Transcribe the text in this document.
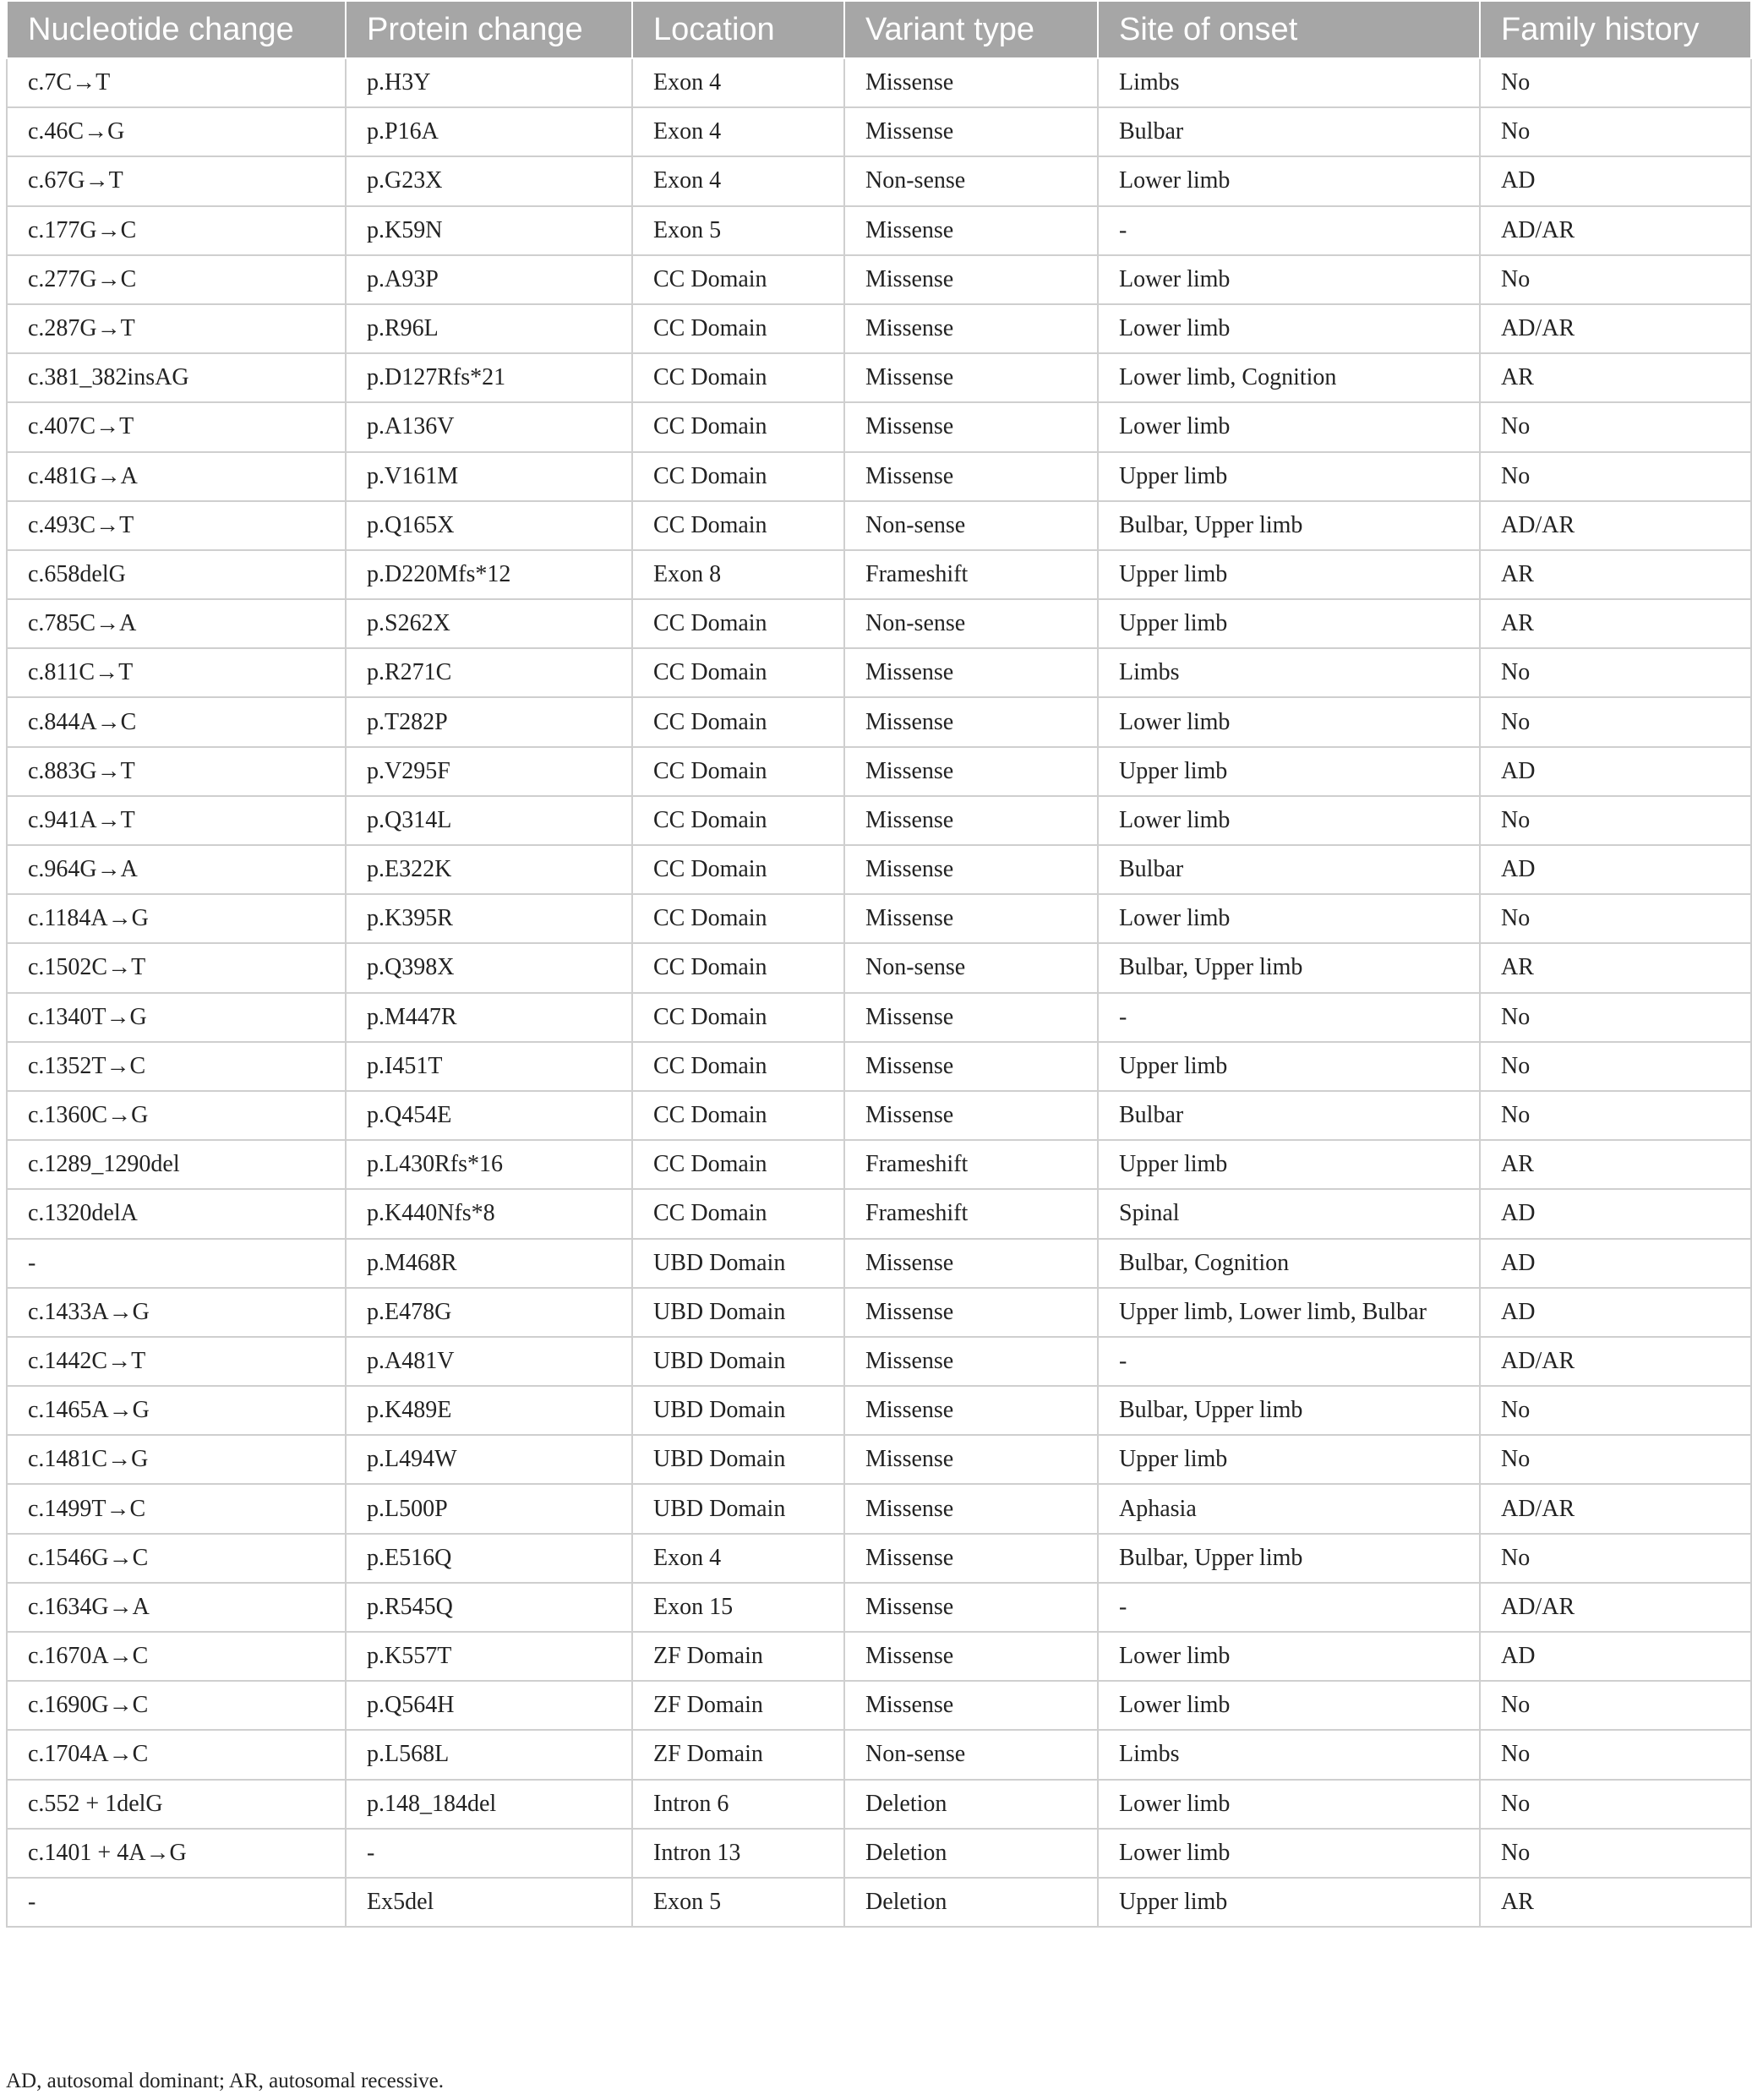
Nucleotide change	Protein change	Location	Variant type	Site of onset	Family history
c.7C→T	p.H3Y	Exon 4	Missense	Limbs	No
c.46C→G	p.P16A	Exon 4	Missense	Bulbar	No
c.67G→T	p.G23X	Exon 4	Non-sense	Lower limb	AD
c.177G→C	p.K59N	Exon 5	Missense	-	AD/AR
c.277G→C	p.A93P	CC Domain	Missense	Lower limb	No
c.287G→T	p.R96L	CC Domain	Missense	Lower limb	AD/AR
c.381_382insAG	p.D127Rfs*21	CC Domain	Missense	Lower limb, Cognition	AR
c.407C→T	p.A136V	CC Domain	Missense	Lower limb	No
c.481G→A	p.V161M	CC Domain	Missense	Upper limb	No
c.493C→T	p.Q165X	CC Domain	Non-sense	Bulbar, Upper limb	AD/AR
c.658delG	p.D220Mfs*12	Exon 8	Frameshift	Upper limb	AR
c.785C→A	p.S262X	CC Domain	Non-sense	Upper limb	AR
c.811C→T	p.R271C	CC Domain	Missense	Limbs	No
c.844A→C	p.T282P	CC Domain	Missense	Lower limb	No
c.883G→T	p.V295F	CC Domain	Missense	Upper limb	AD
c.941A→T	p.Q314L	CC Domain	Missense	Lower limb	No
c.964G→A	p.E322K	CC Domain	Missense	Bulbar	AD
c.1184A→G	p.K395R	CC Domain	Missense	Lower limb	No
c.1502C→T	p.Q398X	CC Domain	Non-sense	Bulbar, Upper limb	AR
c.1340T→G	p.M447R	CC Domain	Missense	-	No
c.1352T→C	p.I451T	CC Domain	Missense	Upper limb	No
c.1360C→G	p.Q454E	CC Domain	Missense	Bulbar	No
c.1289_1290del	p.L430Rfs*16	CC Domain	Frameshift	Upper limb	AR
c.1320delA	p.K440Nfs*8	CC Domain	Frameshift	Spinal	AD
-	p.M468R	UBD Domain	Missense	Bulbar, Cognition	AD
c.1433A→G	p.E478G	UBD Domain	Missense	Upper limb, Lower limb, Bulbar	AD
c.1442C→T	p.A481V	UBD Domain	Missense	-	AD/AR
c.1465A→G	p.K489E	UBD Domain	Missense	Bulbar, Upper limb	No
c.1481C→G	p.L494W	UBD Domain	Missense	Upper limb	No
c.1499T→C	p.L500P	UBD Domain	Missense	Aphasia	AD/AR
c.1546G→C	p.E516Q	Exon 4	Missense	Bulbar, Upper limb	No
c.1634G→A	p.R545Q	Exon 15	Missense	-	AD/AR
c.1670A→C	p.K557T	ZF Domain	Missense	Lower limb	AD
c.1690G→C	p.Q564H	ZF Domain	Missense	Lower limb	No
c.1704A→C	p.L568L	ZF Domain	Non-sense	Limbs	No
c.552 + 1delG	p.148_184del	Intron 6	Deletion	Lower limb	No
c.1401 + 4A→G	-	Intron 13	Deletion	Lower limb	No
-	Ex5del	Exon 5	Deletion	Upper limb	AR
AD, autosomal dominant; AR, autosomal recessive.
